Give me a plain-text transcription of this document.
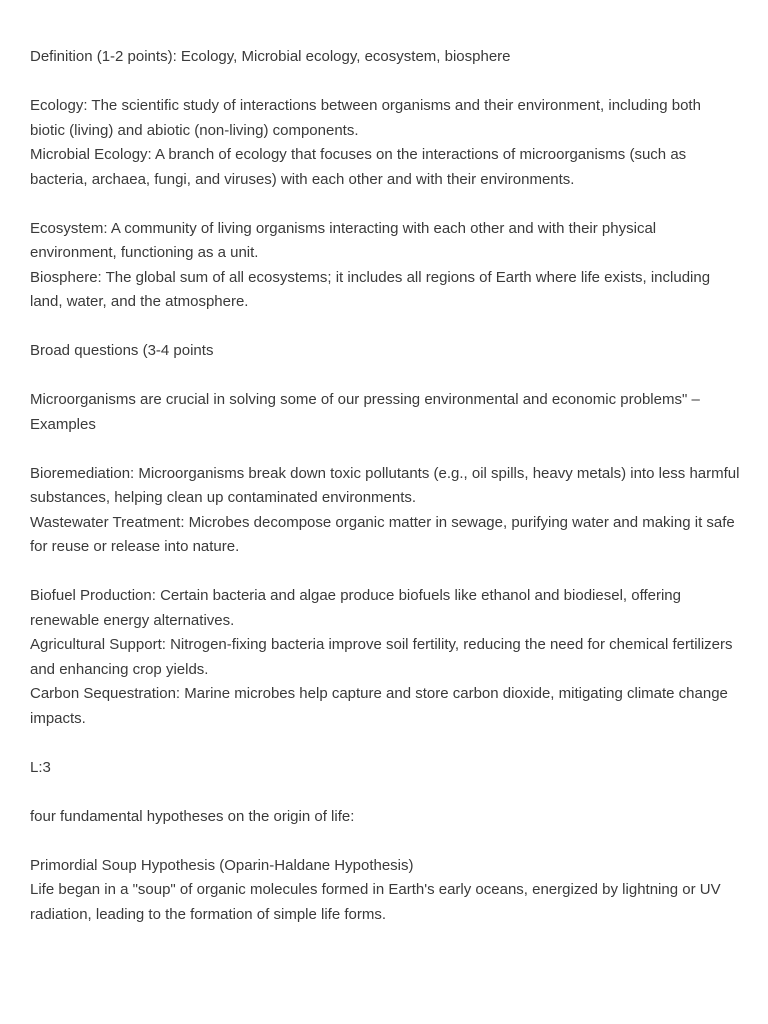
Definition (1-2 points): Ecology, Microbial ecology, ecosystem, biosphere

Ecology: The scientific study of interactions between organisms and their environment, including both biotic (living) and abiotic (non-living) components.
Microbial Ecology: A branch of ecology that focuses on the interactions of microorganisms (such as bacteria, archaea, fungi, and viruses) with each other and with their environments.
Ecosystem: A community of living organisms interacting with each other and with their physical environment, functioning as a unit.
Biosphere: The global sum of all ecosystems; it includes all regions of Earth where life exists, including land, water, and the atmosphere.

Broad questions (3-4 points

Microorganisms are crucial in solving some of our pressing environmental and economic problems" – Examples

Bioremediation: Microorganisms break down toxic pollutants (e.g., oil spills, heavy metals) into less harmful substances, helping clean up contaminated environments.
Wastewater Treatment: Microbes decompose organic matter in sewage, purifying water and making it safe for reuse or release into nature.
Biofuel Production: Certain bacteria and algae produce biofuels like ethanol and biodiesel, offering renewable energy alternatives.
Agricultural Support: Nitrogen-fixing bacteria improve soil fertility, reducing the need for chemical fertilizers and enhancing crop yields.
Carbon Sequestration: Marine microbes help capture and store carbon dioxide, mitigating climate change impacts.

L:3

four fundamental hypotheses on the origin of life:

Primordial Soup Hypothesis (Oparin-Haldane Hypothesis)
Life began in a "soup" of organic molecules formed in Earth's early oceans, energized by lightning or UV radiation, leading to the formation of simple life forms.
